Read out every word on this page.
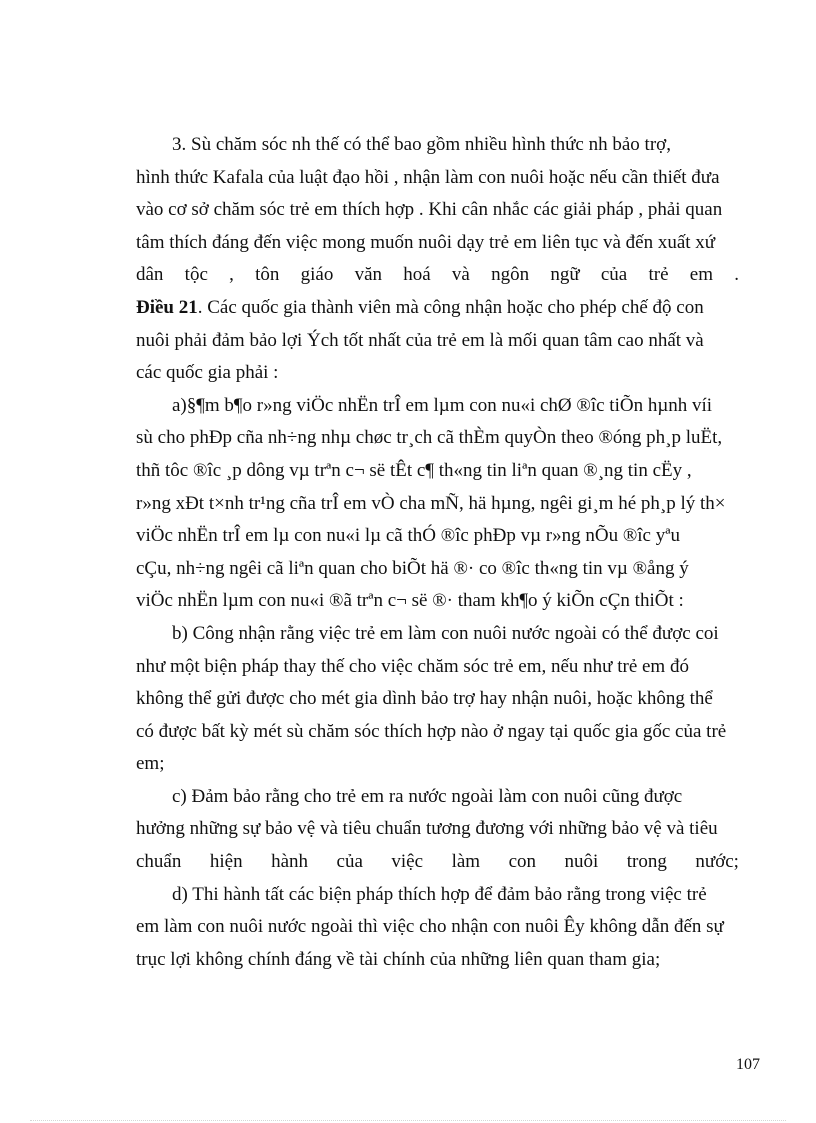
3. Sù chăm sóc nh thế có thể bao gồm nhiều hình thức nh bảo trợ,
hình thức Kafala của luật đạo hồi , nhận làm con nuôi hoặc nếu cần thiết đưa
vào cơ sở chăm sóc trẻ em thích hợp . Khi cân nhắc các giải pháp , phải quan
tâm thích đáng đến việc mong muốn nuôi dạy trẻ em liên tục và đến xuất xứ
dân tộc , tôn giáo văn hoá và ngôn ngữ của trẻ em .

Điều 21. Các quốc gia thành viên mà công nhận hoặc cho phép chế độ con
nuôi phải đảm bảo lợi Ých tốt nhất của trẻ em là mối quan tâm cao nhất và
các quốc gia phải :

a)§¶m b¶o r»ng viÖc nhËn trÎ em lµm con nu«i chØ ®îc tiÕn hµnh víi
sù cho phÐp cña nh÷ng nhµ chøc tr¸ch cã thÈm quyÒn theo ®óng ph¸p luËt,
thñ tôc ®îc ¸p dông vµ trªn c¬ së tÊt c¶ th«ng tin liªn quan ®¸ng tin cËy ,
r»ng xÐt t×nh tr¹ng cña trÎ em vÒ cha mÑ, hä hµng, ngêi gi¸m hé ph¸p lý th×
viÖc nhËn trÎ em lµ con nu«i lµ cã thÓ ®îc phÐp vµ r»ng nÕu ®îc yªu
cÇu, nh÷ng ngêi cã liªn quan cho biÕt hä ®· co ®îc th«ng tin vµ ®ång ý
viÖc nhËn lµm con nu«i ®ã trªn c¬ së ®· tham kh¶o ý kiÕn cÇn thiÕt :

b) Công nhận rằng việc trẻ em làm con nuôi nước ngoài có thể được coi
như một biện pháp thay thế cho việc chăm sóc trẻ em, nếu như trẻ em đó
không thể gửi được cho mét gia dình bảo trợ hay nhận nuôi, hoặc không thể
có được bất kỳ mét sù chăm sóc thích hợp nào ở ngay tại quốc gia gốc của trẻ
em;

c) Đảm bảo rằng cho trẻ em ra nước ngoài làm con nuôi cũng được
hưởng những sự bảo vệ và tiêu chuẩn tương đương với những bảo vệ và tiêu
chuẩn hiện hành của việc làm con nuôi trong nước;

d) Thi hành tất các biện pháp thích hợp để đảm bảo rằng trong việc trẻ
em làm con nuôi nước ngoài thì việc cho nhận con nuôi Êy không dẫn đến sự
trục lợi không chính đáng về tài chính của những liên quan tham gia;

107
